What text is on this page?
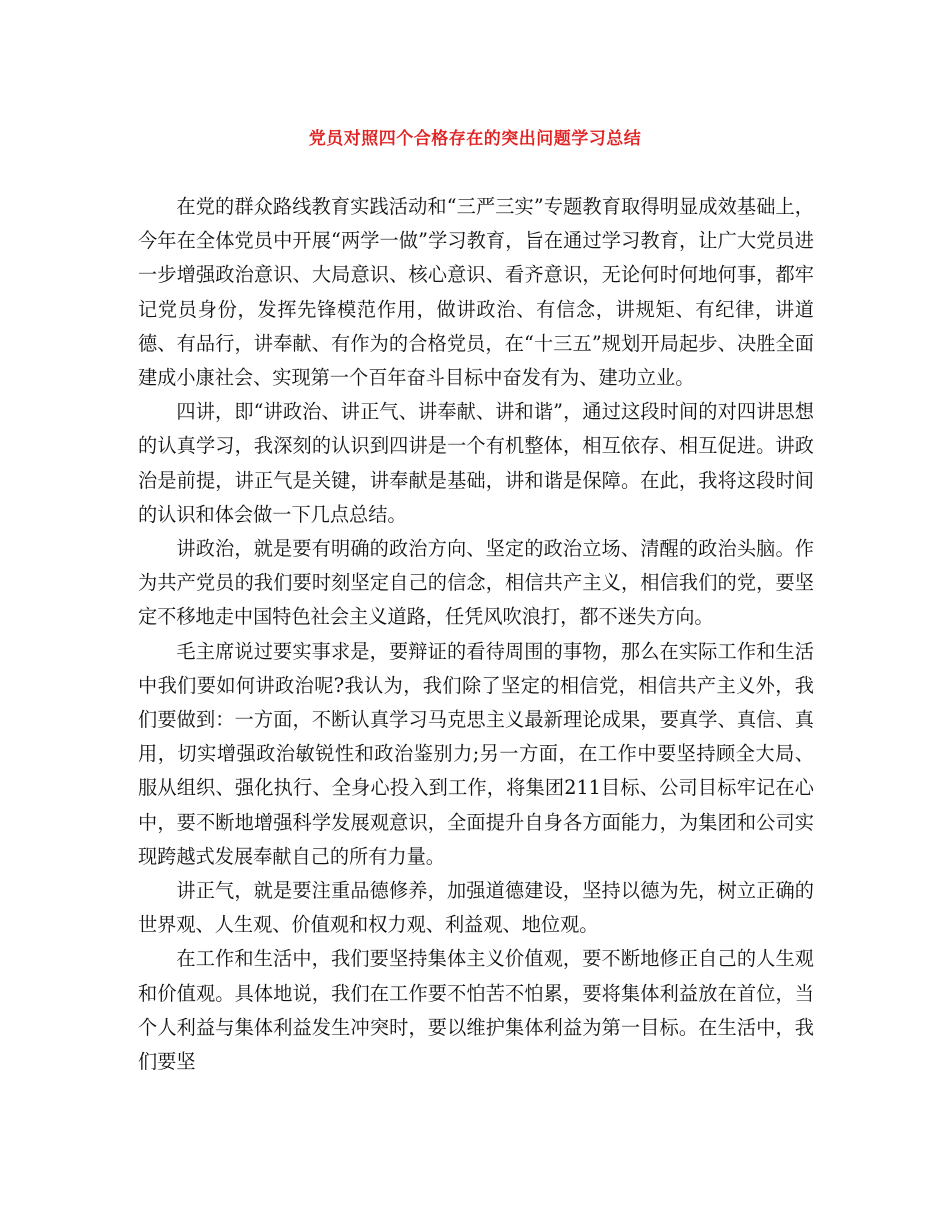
党员对照四个合格存在的突出问题学习总结

在党的群众路线教育实践活动和“三严三实”专题教育取得明显成效基础上，今年在全体党员中开展“两学一做”学习教育，旨在通过学习教育，让广大党员进一步增强政治意识、大局意识、核心意识、看齐意识，无论何时何地何事，都牢记党员身份，发挥先锋模范作用，做讲政治、有信念，讲规矩、有纪律，讲道德、有品行，讲奉献、有作为的合格党员，在“十三五”规划开局起步、决胜全面建成小康社会、实现第一个百年奋斗目标中奋发有为、建功立业。

四讲，即“讲政治、讲正气、讲奉献、讲和谐”，通过这段时间的对四讲思想的认真学习，我深刻的认识到四讲是一个有机整体，相互依存、相互促进。讲政治是前提，讲正气是关键，讲奉献是基础，讲和谐是保障。在此，我将这段时间的认识和体会做一下几点总结。

讲政治，就是要有明确的政治方向、坚定的政治立场、清醒的政治头脑。作为共产党员的我们要时刻坚定自己的信念，相信共产主义，相信我们的党，要坚定不移地走中国特色社会主义道路，任凭风吹浪打，都不迷失方向。

毛主席说过要实事求是，要辩证的看待周围的事物，那么在实际工作和生活中我们要如何讲政治呢?我认为，我们除了坚定的相信党，相信共产主义外，我们要做到：一方面，不断认真学习马克思主义最新理论成果，要真学、真信、真用，切实增强政治敏锐性和政治鉴别力;另一方面，在工作中要坚持顾全大局、服从组织、强化执行、全身心投入到工作，将集团211目标、公司目标牢记在心中，要不断地增强科学发展观意识，全面提升自身各方面能力，为集团和公司实现跨越式发展奉献自己的所有力量。

讲正气，就是要注重品德修养，加强道德建设，坚持以德为先，树立正确的世界观、人生观、价值观和权力观、利益观、地位观。

在工作和生活中，我们要坚持集体主义价值观，要不断地修正自己的人生观和价值观。具体地说，我们在工作要不怕苦不怕累，要将集体利益放在首位，当个人利益与集体利益发生冲突时，要以维护集体利益为第一目标。在生活中，我们要坚
